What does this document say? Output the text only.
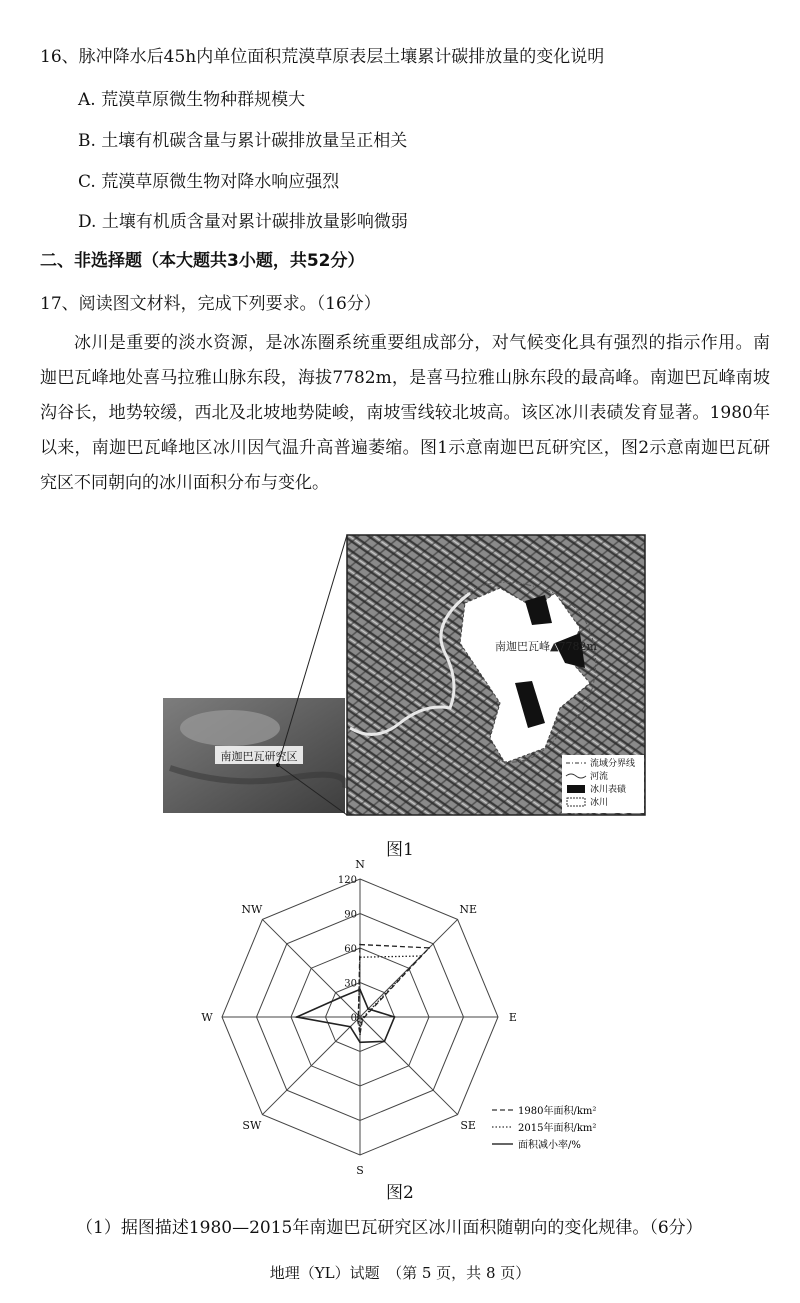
16、脉冲降水后45h内单位面积荒漠草原表层土壤累计碳排放量的变化说明
A. 荒漠草原微生物种群规模大
B. 土壤有机碳含量与累计碳排放量呈正相关
C. 荒漠草原微生物对降水响应强烈
D. 土壤有机质含量对累计碳排放量影响微弱
二、非选择题（本大题共3小题，共52分）
17、阅读图文材料，完成下列要求。（16分）

冰川是重要的淡水资源，是冰冻圈系统重要组成部分，对气候变化具有强烈的指示作用。南迦巴瓦峰地处喜马拉雅山脉东段，海拔7782m，是喜马拉雅山脉东段的最高峰。南迦巴瓦峰南坡沟谷长，地势较缓，西北及北坡地势陡峻，南坡雪线较北坡高。该区冰川表碛发育显著。1980年以来，南迦巴瓦峰地区冰川因气温升高普遍萎缩。图1示意南迦巴瓦研究区，图2示意南迦巴瓦研究区不同朝向的冰川面积分布与变化。

南迦巴瓦研究区
南迦巴瓦峰▲7782m
流域分界线
河流
冰川表碛
冰川
图1
N
NE
E
SE
S
SW
W
NW
120
90
60
30
0
1980年面积/km²
2015年面积/km²
面积减小率/%
图2
（1）据图描述1980—2015年南迦巴瓦研究区冰川面积随朝向的变化规律。（6分）
地理（YL）试题　（第 5 页，共 8 页）
